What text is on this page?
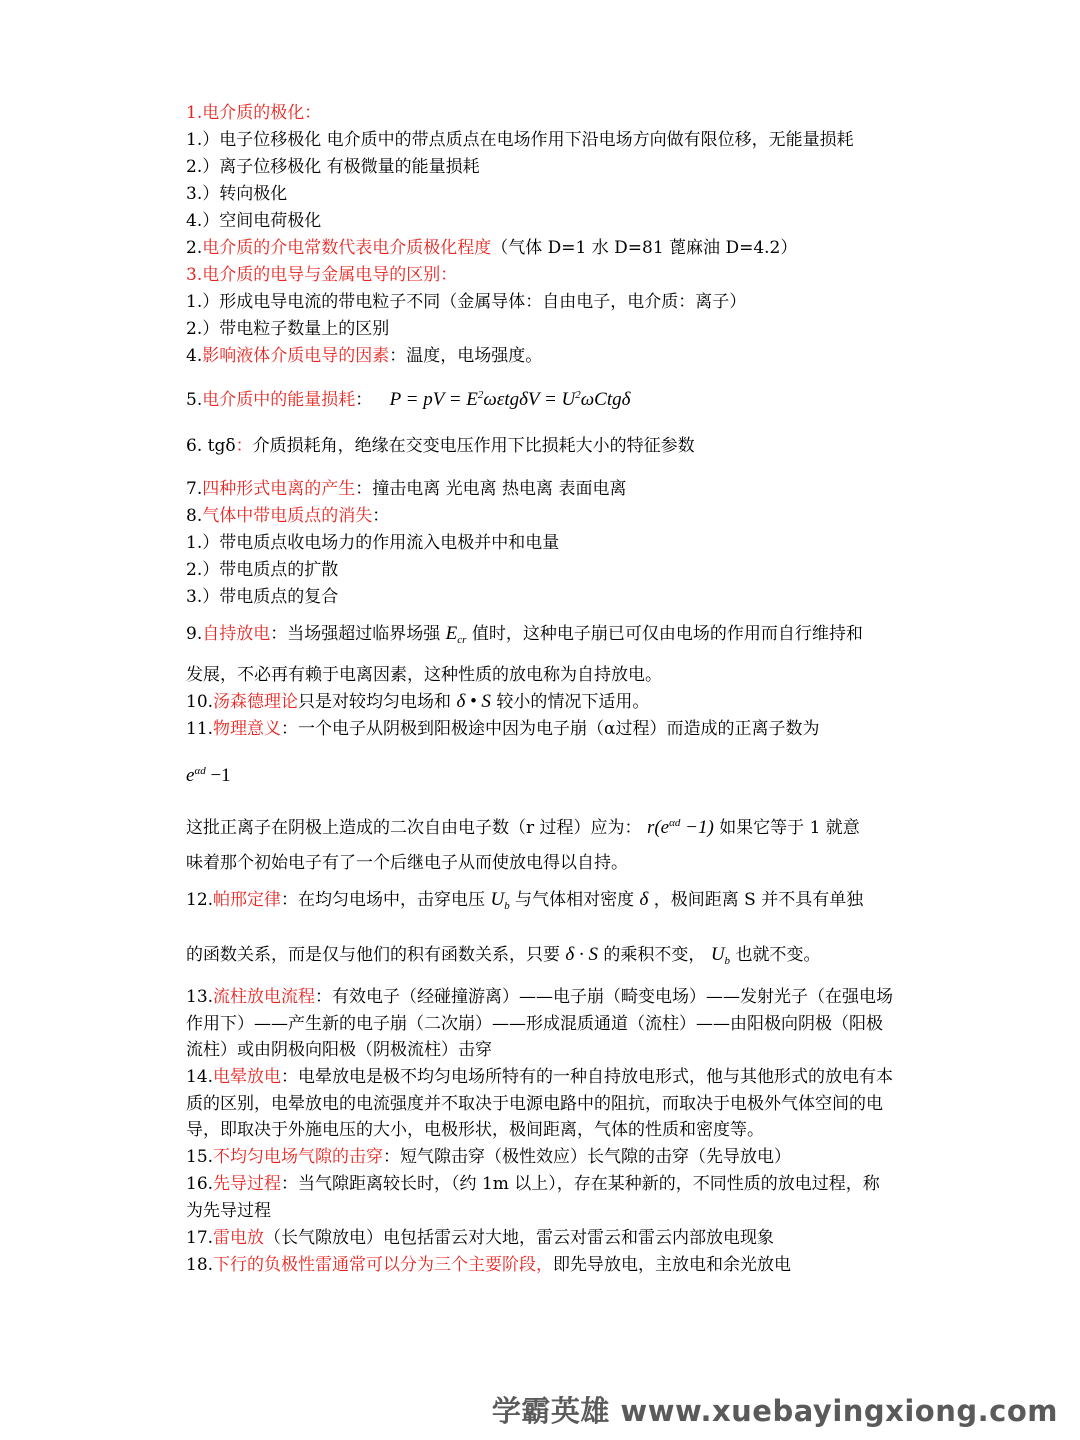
1.电介质的极化：
1.）电子位移极化 电介质中的带点质点在电场作用下沿电场方向做有限位移，无能量损耗
2.）离子位移极化 有极微量的能量损耗
3.）转向极化
4.）空间电荷极化
2.电介质的介电常数代表电介质极化程度（气体 D=1 水 D=81 蓖麻油 D=4.2）
3.电介质的电导与金属电导的区别：
1.）形成电导电流的带电粒子不同（金属导体：自由电子，电介质：离子）
2.）带电粒子数量上的区别
4.影响液体介质电导的因素：温度，电场强度。
5.电介质中的能量损耗： P = pV = $E^2\omega\varepsilon tg\delta V = U^2\omega Ctg\delta$
6. tgδ：介质损耗角，绝缘在交变电压作用下比损耗大小的特征参数
7.四种形式电离的产生：撞击电离 光电离 热电离 表面电离
8.气体中带电质点的消失：
1.）带电质点收电场力的作用流入电极并中和电量
2.）带电质点的扩散
3.）带电质点的复合
9.自持放电：当场强超过临界场强 $E_{cr}$ 值时，这种电子崩已可仅由电场的作用而自行维持和
发展，不必再有赖于电离因素，这种性质的放电称为自持放电。
10.汤森德理论只是对较均匀电场和 δ • S 较小的情况下适用。
11.物理意义：一个电子从阴极到阳极途中因为电子崩（α过程）而造成的正离子数为
$e^{\alpha d} -1$
这批正离子在阴极上造成的二次自由电子数（r 过程）应为： $r(e^{\alpha d} -1)$ 如果它等于 1 就意
味着那个初始电子有了一个后继电子从而使放电得以自持。
12.帕邢定律：在均匀电场中，击穿电压 $U_b$ 与气体相对密度 δ ，极间距离 S 并不具有单独
的函数关系，而是仅与他们的积有函数关系，只要 δ · S 的乘积不变， $U_b$ 也就不变。
13.流柱放电流程：有效电子（经碰撞游离）——电子崩（畸变电场）——发射光子（在强电场作用下）——产生新的电子崩（二次崩）——形成混质通道（流柱）——由阳极向阴极（阳极流柱）或由阴极向阳极（阴极流柱）击穿
14.电晕放电：电晕放电是极不均匀电场所特有的一种自持放电形式，他与其他形式的放电有本质的区别，电晕放电的电流强度并不取决于电源电路中的阻抗，而取决于电极外气体空间的电导，即取决于外施电压的大小，电极形状，极间距离，气体的性质和密度等。
15.不均匀电场气隙的击穿：短气隙击穿（极性效应）长气隙的击穿（先导放电）
16.先导过程：当气隙距离较长时，（约 1m 以上），存在某种新的，不同性质的放电过程，称为先导过程
17.雷电放（长气隙放电）电包括雷云对大地，雷云对雷云和雷云内部放电现象
18.下行的负极性雷通常可以分为三个主要阶段，即先导放电，主放电和余光放电
学霸英雄 www.xuebayingxiong.com
